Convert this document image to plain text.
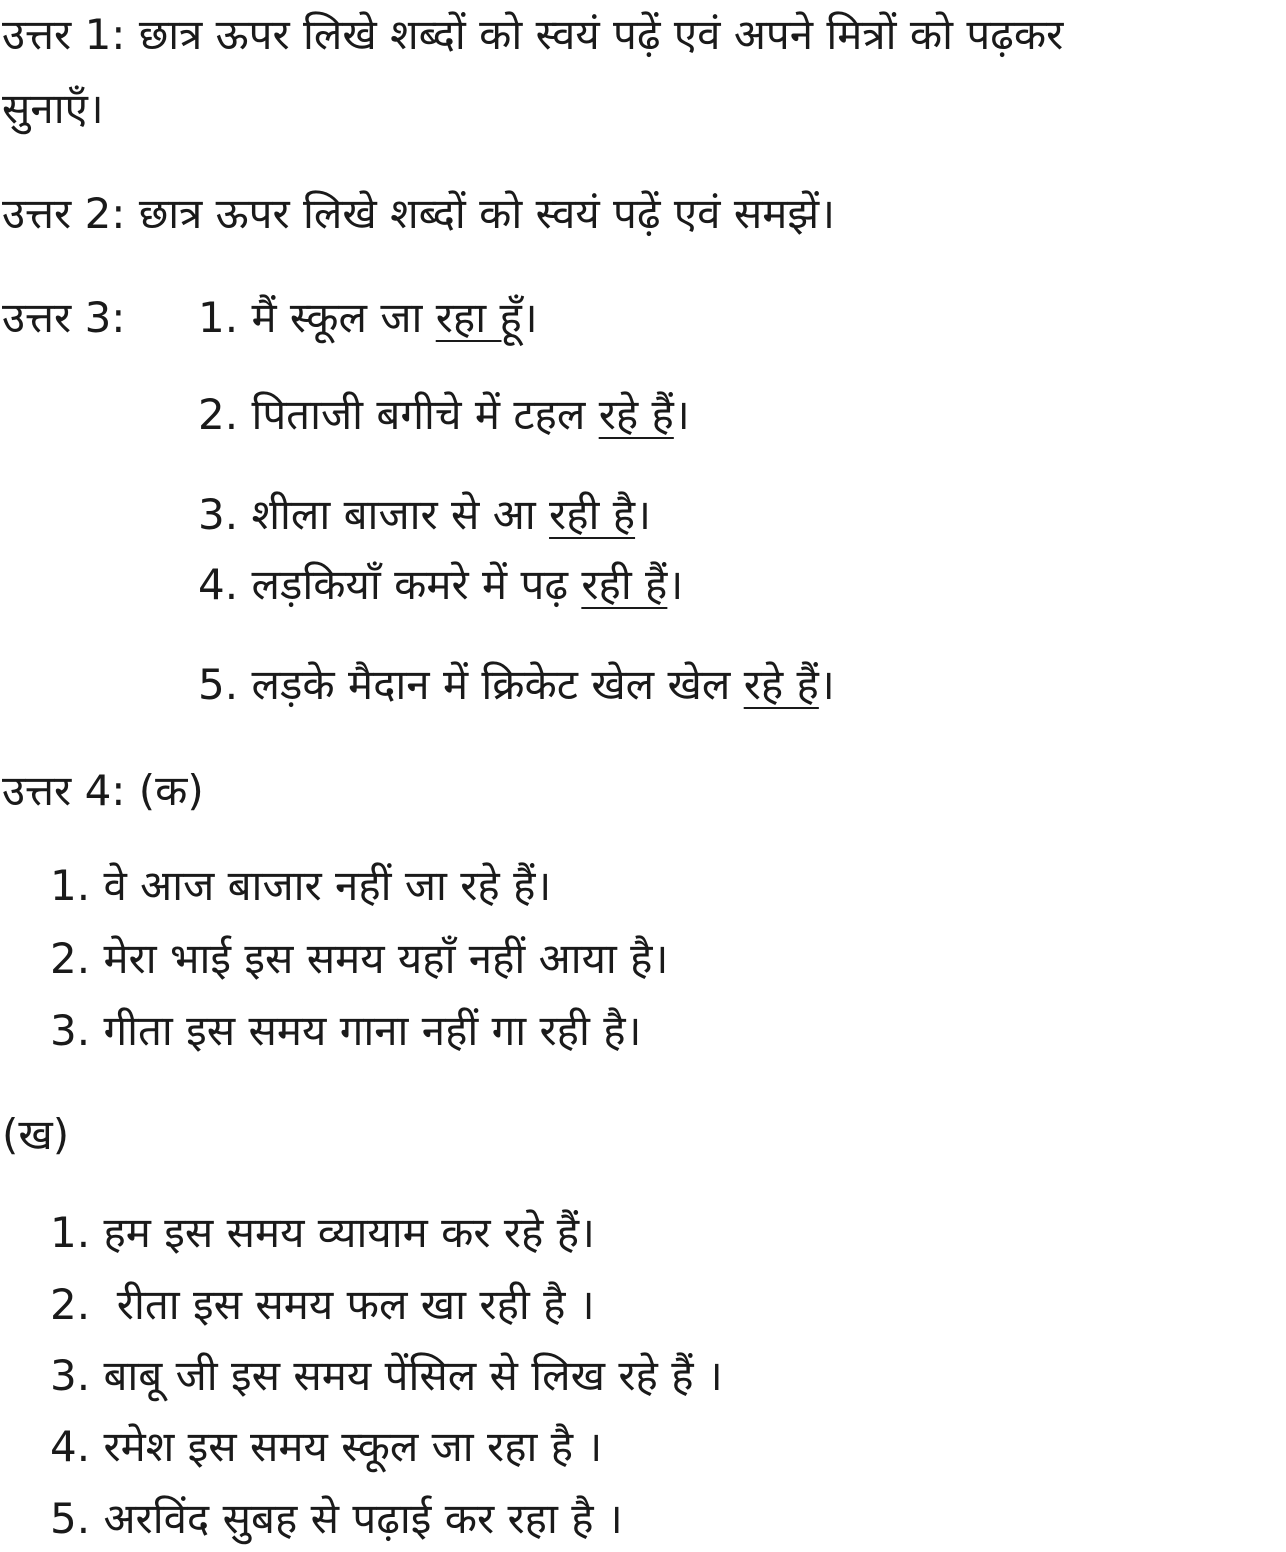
उत्तर 1: छात्र ऊपर लिखे शब्दों को स्वयं पढ़ें एवं अपने मित्रों को पढ़कर
सुनाएँ।
उत्तर 2: छात्र ऊपर लिखे शब्दों को स्वयं पढ़ें एवं समझें।
उत्तर 3: 1. मैं स्कूल जा रहा हूँ।
2. पिताजी बगीचे में टहल रहे हैं।
3. शीला बाजार से आ रही है।
4. लड़कियाँ कमरे में पढ़ रही हैं।
5. लड़के मैदान में क्रिकेट खेल खेल रहे हैं।
उत्तर 4: (क)
1. वे आज बाजार नहीं जा रहे हैं।
2. मेरा भाई इस समय यहाँ नहीं आया है।
3. गीता इस समय गाना नहीं गा रही है।
(ख)
1. हम इस समय व्यायाम कर रहे हैं।
2.  रीता इस समय फल खा रही है ।
3. बाबू जी इस समय पेंसिल से लिख रहे हैं ।
4. रमेश इस समय स्कूल जा रहा है ।
5. अरविंद सुबह से पढ़ाई कर रहा है ।
